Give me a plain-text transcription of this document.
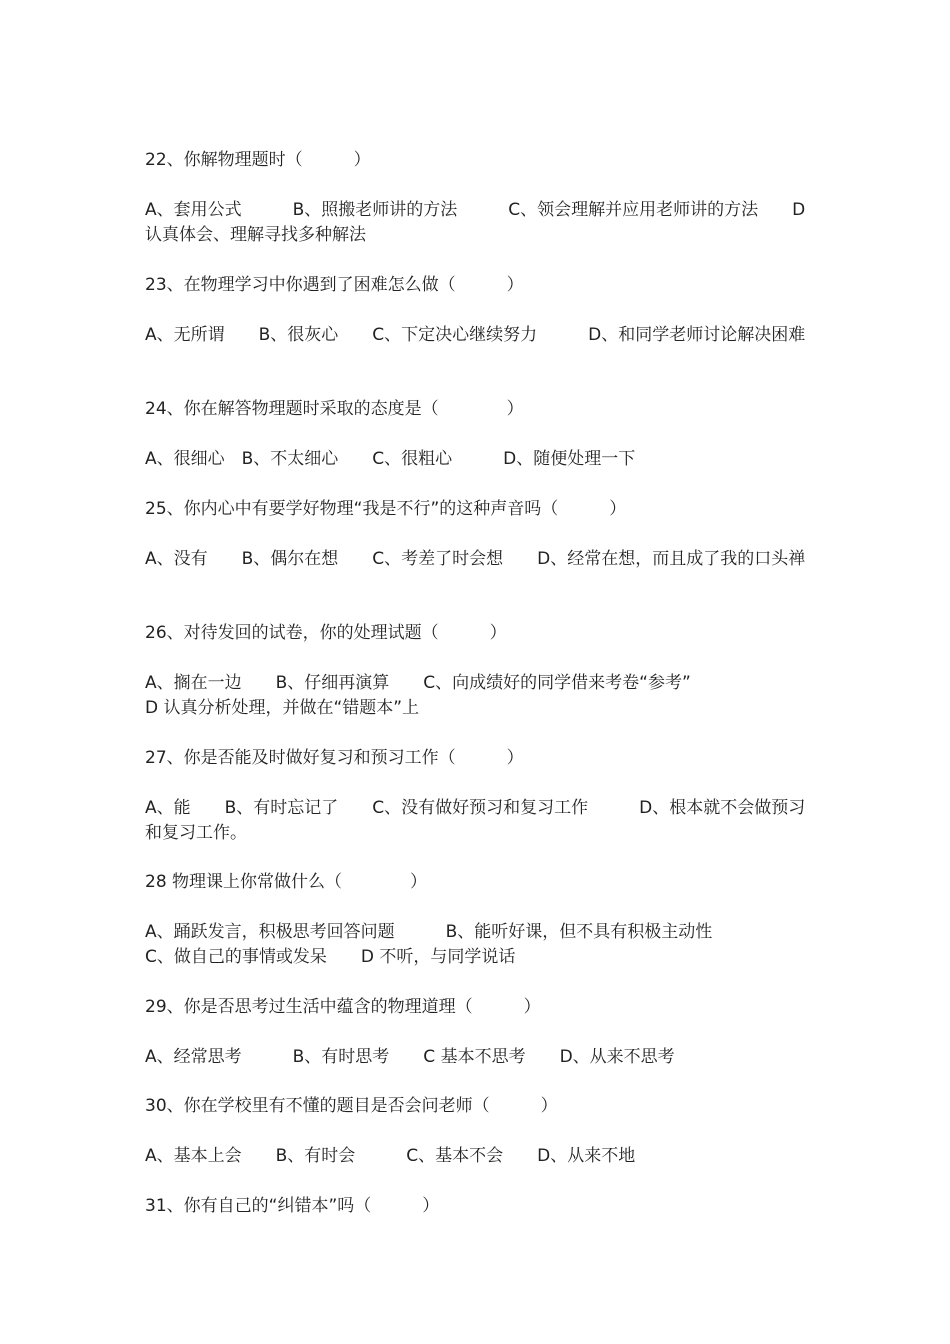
22、你解物理题时（　　　）

A、套用公式　　　B、照搬老师讲的方法　　　C、领会理解并应用老师讲的方法　　D 认真体会、理解寻找多种解法

23、在物理学习中你遇到了困难怎么做（　　　）

A、无所谓　　B、很灰心　　C、下定决心继续努力　　　D、和同学老师讨论解决困难

24、你在解答物理题时采取的态度是（　　　　）

A、很细心　B、不太细心　　C、很粗心　　　D、随便处理一下

25、你内心中有要学好物理“我是不行”的这种声音吗（　　　）

A、没有　　B、偶尔在想　　C、考差了时会想　　D、经常在想，而且成了我的口头禅

26、对待发回的试卷，你的处理试题（　　　）

A、搁在一边　　B、仔细再演算　　C、向成绩好的同学借来考卷“参考”
D 认真分析处理，并做在“错题本”上

27、你是否能及时做好复习和预习工作（　　　）

A、能　　B、有时忘记了　　C、没有做好预习和复习工作　　　D、根本就不会做预习和复习工作。

28 物理课上你常做什么（　　　　）

A、踊跃发言，积极思考回答问题　　　B、能听好课，但不具有积极主动性
C、做自己的事情或发呆　　D 不听，与同学说话

29、你是否思考过生活中蕴含的物理道理（　　　）

A、经常思考　　　B、有时思考　　C 基本不思考　　D、从来不思考

30、你在学校里有不懂的题目是否会问老师（　　　）

A、基本上会　　B、有时会　　　C、基本不会　　D、从来不地

31、你有自己的“纠错本”吗（　　　）
